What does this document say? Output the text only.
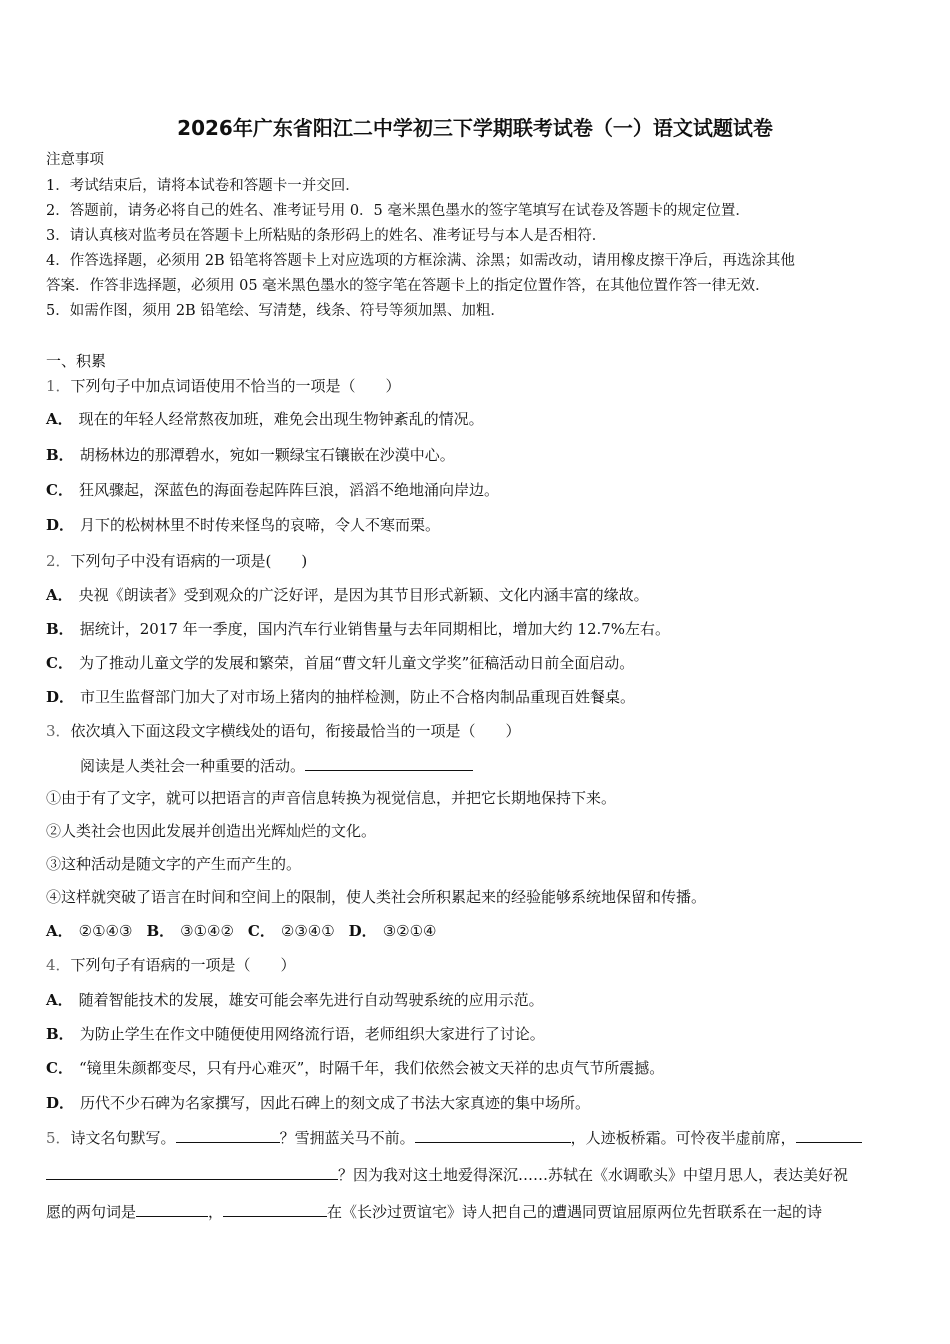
2026年广东省阳江二中学初三下学期联考试卷（一）语文试题试卷
注意事项
1．考试结束后，请将本试卷和答题卡一并交回．
2．答题前，请务必将自己的姓名、准考证号用 0．5 毫米黑色墨水的签字笔填写在试卷及答题卡的规定位置．
3．请认真核对监考员在答题卡上所粘贴的条形码上的姓名、准考证号与本人是否相符．
4．作答选择题，必须用 2B 铅笔将答题卡上对应选项的方框涂满、涂黑；如需改动，请用橡皮擦干净后，再选涂其他
答案．作答非选择题，必须用 05 毫米黑色墨水的签字笔在答题卡上的指定位置作答，在其他位置作答一律无效．
5．如需作图，须用 2B 铅笔绘、写清楚，线条、符号等须加黑、加粗．
一、积累
1．下列句子中加点词语使用不恰当的一项是（　　）
A． 现在的年轻人经常熬夜加班，难免会出现生物钟紊乱的情况。
B． 胡杨林边的那潭碧水，宛如一颗绿宝石镶嵌在沙漠中心。
C． 狂风骤起，深蓝色的海面卷起阵阵巨浪，滔滔不绝地涌向岸边。
D． 月下的松树林里不时传来怪鸟的哀啼，令人不寒而栗。
2．下列句子中没有语病的一项是(　　)
A． 央视《朗读者》受到观众的广泛好评，是因为其节目形式新颖、文化内涵丰富的缘故。
B． 据统计，2017 年一季度，国内汽车行业销售量与去年同期相比，增加大约 12.7%左右。
C． 为了推动儿童文学的发展和繁荣，首届“曹文轩儿童文学奖”征稿活动日前全面启动。
D． 市卫生监督部门加大了对市场上猪肉的抽样检测，防止不合格肉制品重现百姓餐桌。
3．依次填入下面这段文字横线处的语句，衔接最恰当的一项是（　　）
阅读是人类社会一种重要的活动。
①由于有了文字，就可以把语言的声音信息转换为视觉信息，并把它长期地保持下来。
②人类社会也因此发展并创造出光辉灿烂的文化。
③这种活动是随文字的产生而产生的。
④这样就突破了语言在时间和空间上的限制，使人类社会所积累起来的经验能够系统地保留和传播。
A． ②①④③ B． ③①④② C． ②③④① D． ③②①④
4．下列句子有语病的一项是（　　）
A． 随着智能技术的发展，雄安可能会率先进行自动驾驶系统的应用示范。
B． 为防止学生在作文中随便使用网络流行语，老师组织大家进行了讨论。
C． “镜里朱颜都变尽，只有丹心难灭”，时隔千年，我们依然会被文天祥的忠贞气节所震撼。
D． 历代不少石碑为名家撰写，因此石碑上的刻文成了书法大家真迹的集中场所。
5．诗文名句默写。	？雪拥蓝关马不前。	，人迹板桥霜。可怜夜半虚前席，
？因为我对这土地爱得深沉……苏轼在《水调歌头》中望月思人，表达美好祝
愿的两句词是	，	在《长沙过贾谊宅》诗人把自己的遭遇同贾谊屈原两位先哲联系在一起的诗
